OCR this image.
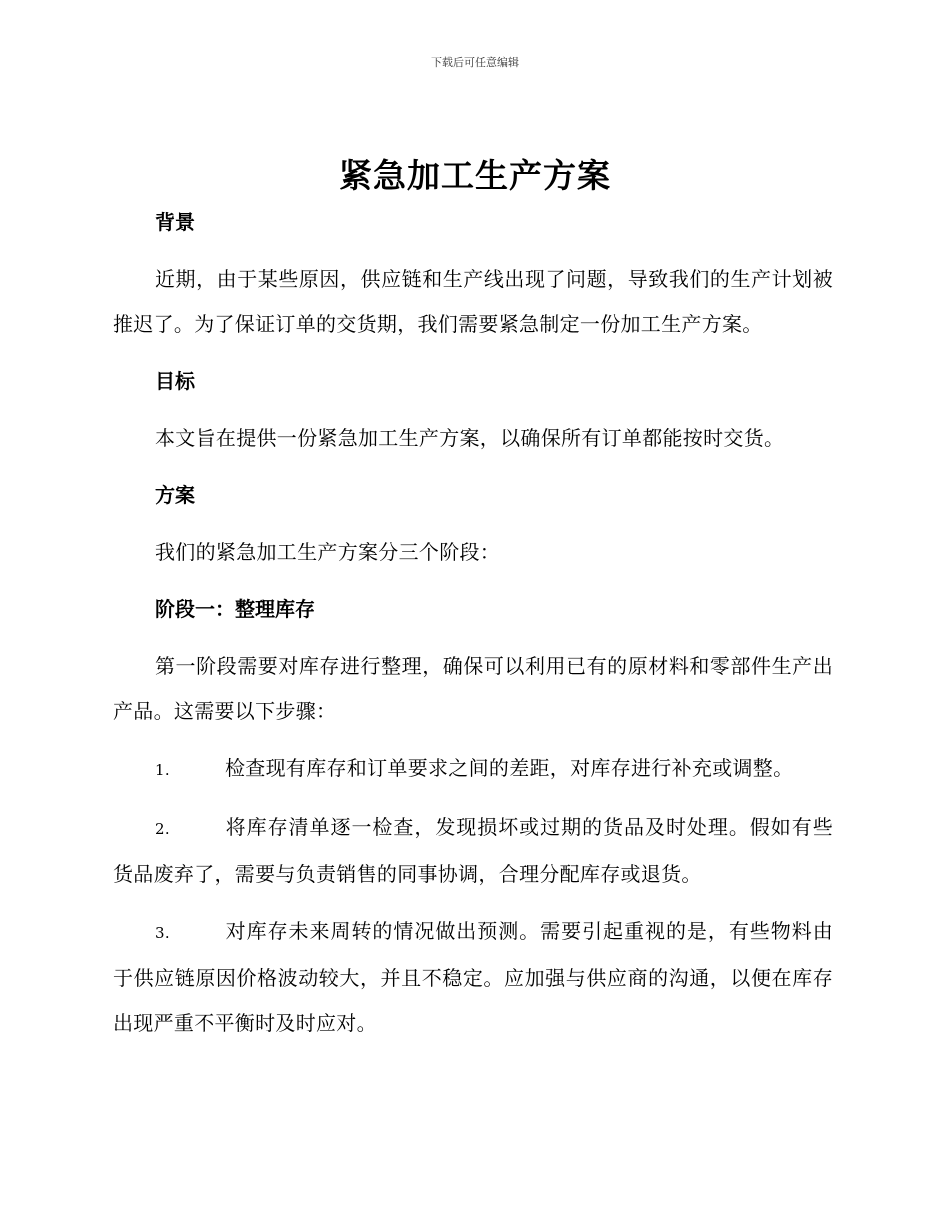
下载后可任意编辑
紧急加工生产方案
背景
近期，由于某些原因，供应链和生产线出现了问题，导致我们的生产计划被推迟了。为了保证订单的交货期，我们需要紧急制定一份加工生产方案。
目标
本文旨在提供一份紧急加工生产方案，以确保所有订单都能按时交货。
方案
我们的紧急加工生产方案分三个阶段：
阶段一：整理库存
第一阶段需要对库存进行整理，确保可以利用已有的原材料和零部件生产出产品。这需要以下步骤：
1.	检查现有库存和订单要求之间的差距，对库存进行补充或调整。
2.	将库存清单逐一检查，发现损坏或过期的货品及时处理。假如有些货品废弃了，需要与负责销售的同事协调，合理分配库存或退货。
3.	对库存未来周转的情况做出预测。需要引起重视的是，有些物料由于供应链原因价格波动较大，并且不稳定。应加强与供应商的沟通，以便在库存出现严重不平衡时及时应对。
